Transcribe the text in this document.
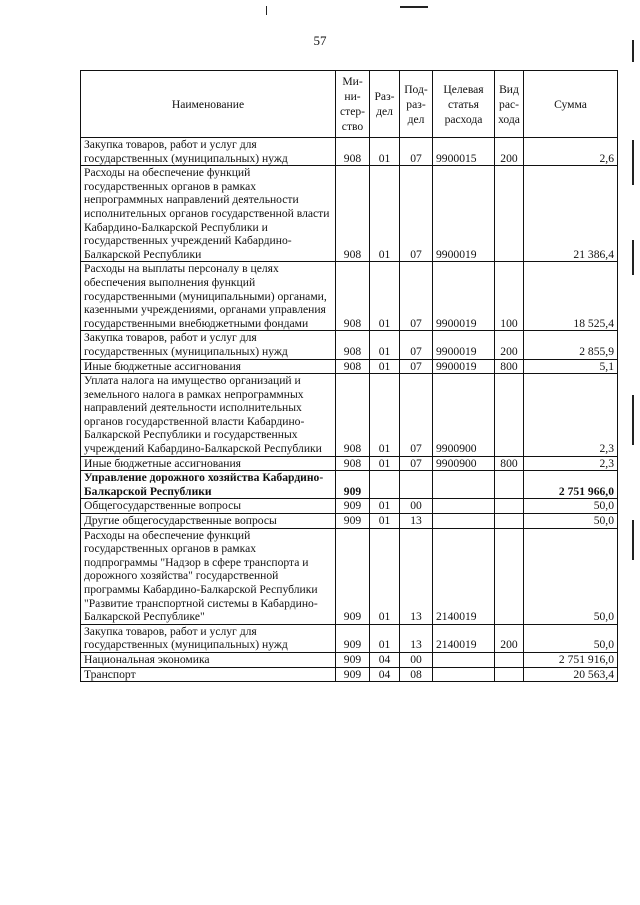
57
Наименование	Ми-
ни-
стер-
ство	Раз-
дел	Под-
раз-
дел	Целевая
статья
расхода	Вид
рас-
хода	Сумма
Закупка товаров, работ и услуг для государственных (муниципальных) нужд	908	01	07	9900015	200	2,6
Расходы на обеспечение функций государственных органов в рамках непрограммных направлений деятельности исполнительных органов государственной власти Кабардино-Балкарской Республики и государственных учреждений Кабардино-Балкарской Республики	908	01	07	9900019		21 386,4
Расходы на выплаты персоналу в целях обеспечения выполнения функций государственными (муниципальными) органами, казенными учреждениями, органами управления государственными внебюджетными фондами	908	01	07	9900019	100	18 525,4
Закупка товаров, работ и услуг для государственных (муниципальных) нужд	908	01	07	9900019	200	2 855,9
Иные бюджетные ассигнования	908	01	07	9900019	800	5,1
Уплата налога на имущество организаций и земельного налога в рамках непрограммных направлений деятельности исполнительных органов государственной власти Кабардино-Балкарской Республики и государственных учреждений Кабардино-Балкарской Республики	908	01	07	9900900		2,3
Иные бюджетные ассигнования	908	01	07	9900900	800	2,3
Управление дорожного хозяйства Кабардино-Балкарской Республики	909					2 751 966,0
Общегосударственные вопросы	909	01	00			50,0
Другие общегосударственные вопросы	909	01	13			50,0
Расходы на обеспечение функций государственных органов в рамках подпрограммы "Надзор в сфере транспорта и дорожного хозяйства" государственной программы Кабардино-Балкарской Республики "Развитие транспортной системы в Кабардино-Балкарской Республике"	909	01	13	2140019		50,0
Закупка товаров, работ и услуг для государственных (муниципальных) нужд	909	01	13	2140019	200	50,0
Национальная экономика	909	04	00			2 751 916,0
Транспорт	909	04	08			20 563,4
